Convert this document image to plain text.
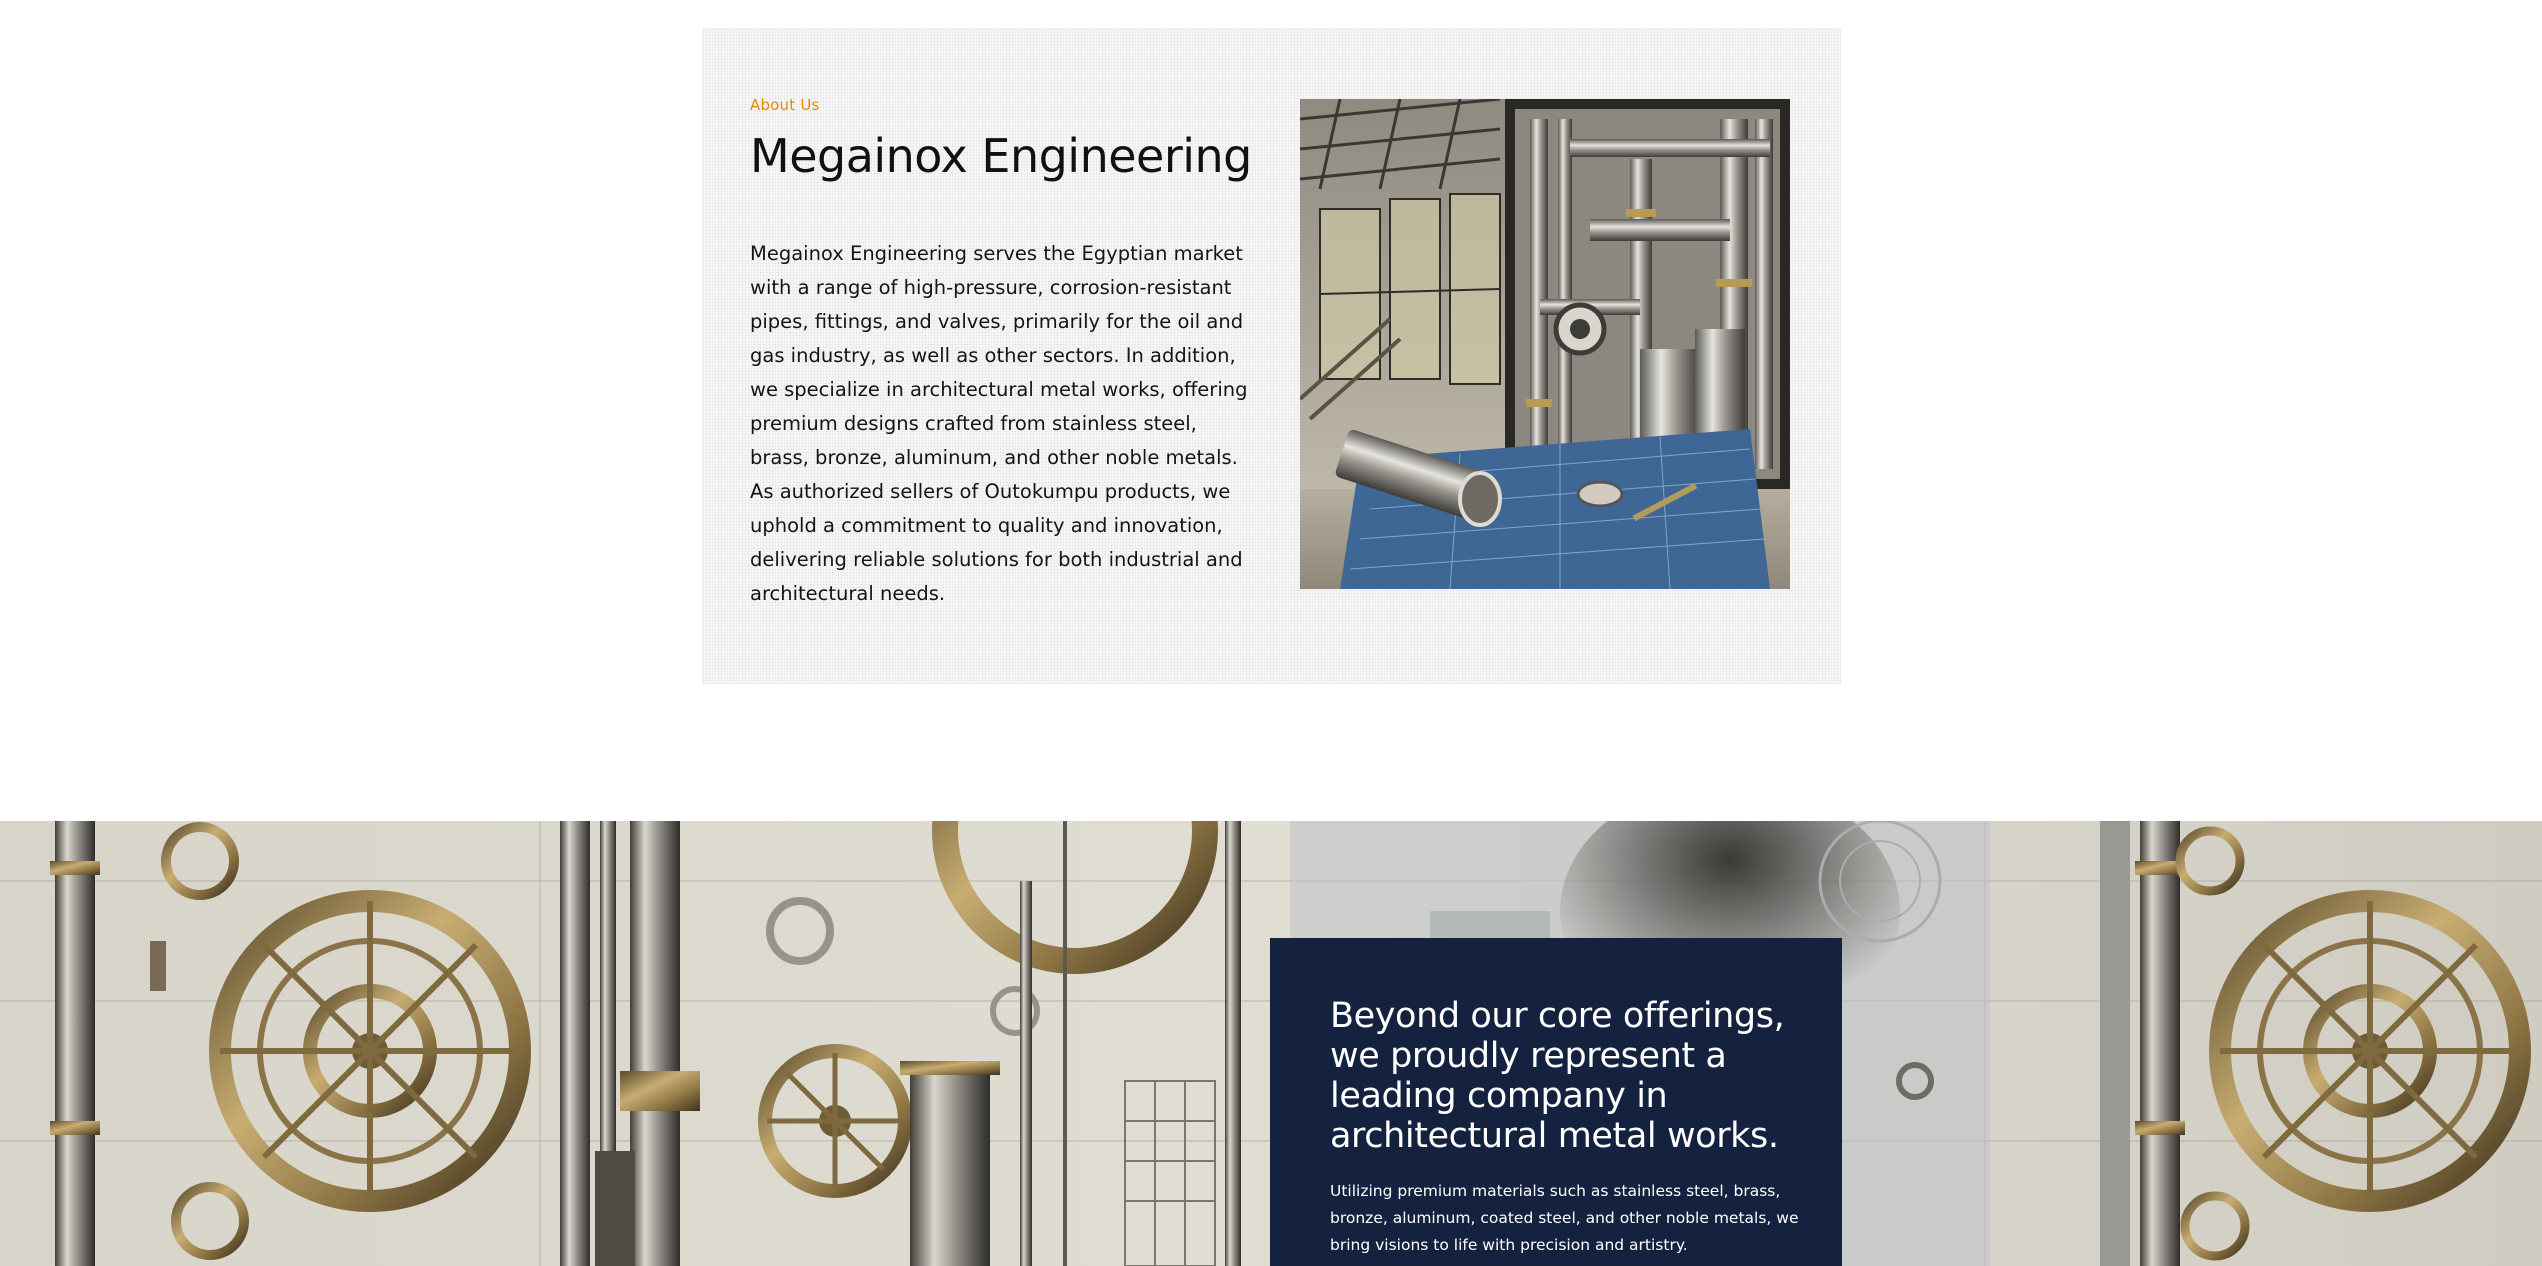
About Us
Megainox Engineering

Megainox Engineering serves the Egyptian market with a range of high-pressure, corrosion-resistant pipes, fittings, and valves, primarily for the oil and gas industry, as well as other sectors. In addition, we specialize in architectural metal works, offering premium designs crafted from stainless steel, brass, bronze, aluminum, and other noble metals. As authorized sellers of Outokumpu products, we uphold a commitment to quality and innovation, delivering reliable solutions for both industrial and architectural needs.

Beyond our core offerings, we proudly represent a leading company in architectural metal works.

Utilizing premium materials such as stainless steel, brass, bronze, aluminum, coated steel, and other noble metals, we bring visions to life with precision and artistry.
